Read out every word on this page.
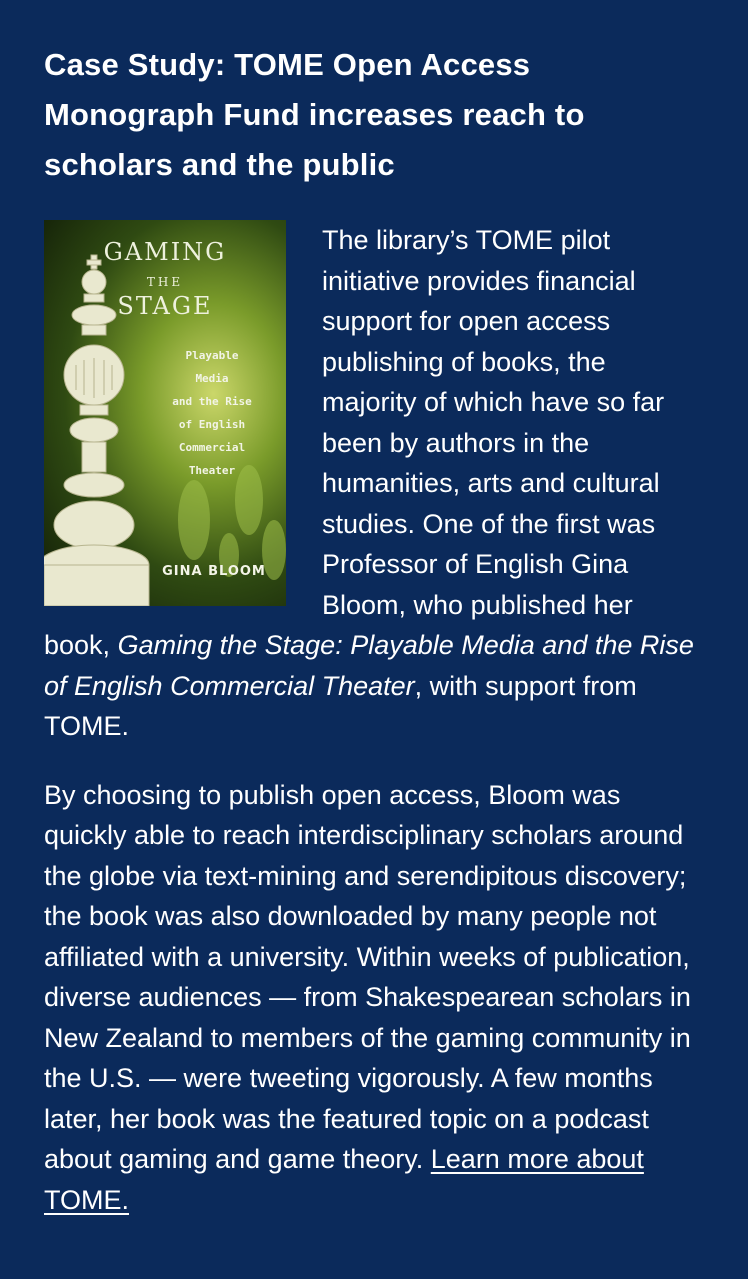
Case Study: TOME Open Access Monograph Fund increases reach to scholars and the public
GAMING
THE
STAGE
Playable
Media
and the Rise
of English
Commercial
Theater
GINA BLOOM

The library’s TOME pilot initiative provides financial support for open access publishing of books, the majority of which have so far been by authors in the humanities, arts and cultural studies. One of the first was Professor of English Gina Bloom, who published her book, Gaming the Stage: Playable Media and the Rise of English Commercial Theater, with support from TOME.

By choosing to publish open access, Bloom was quickly able to reach interdisciplinary scholars around the globe via text-mining and serendipitous discovery; the book was also downloaded by many people not affiliated with a university. Within weeks of publication, diverse audiences — from Shakespearean scholars in New Zealand to members of the gaming community in the U.S. — were tweeting vigorously. A few months later, her book was the featured topic on a podcast about gaming and game theory. Learn more about TOME.
